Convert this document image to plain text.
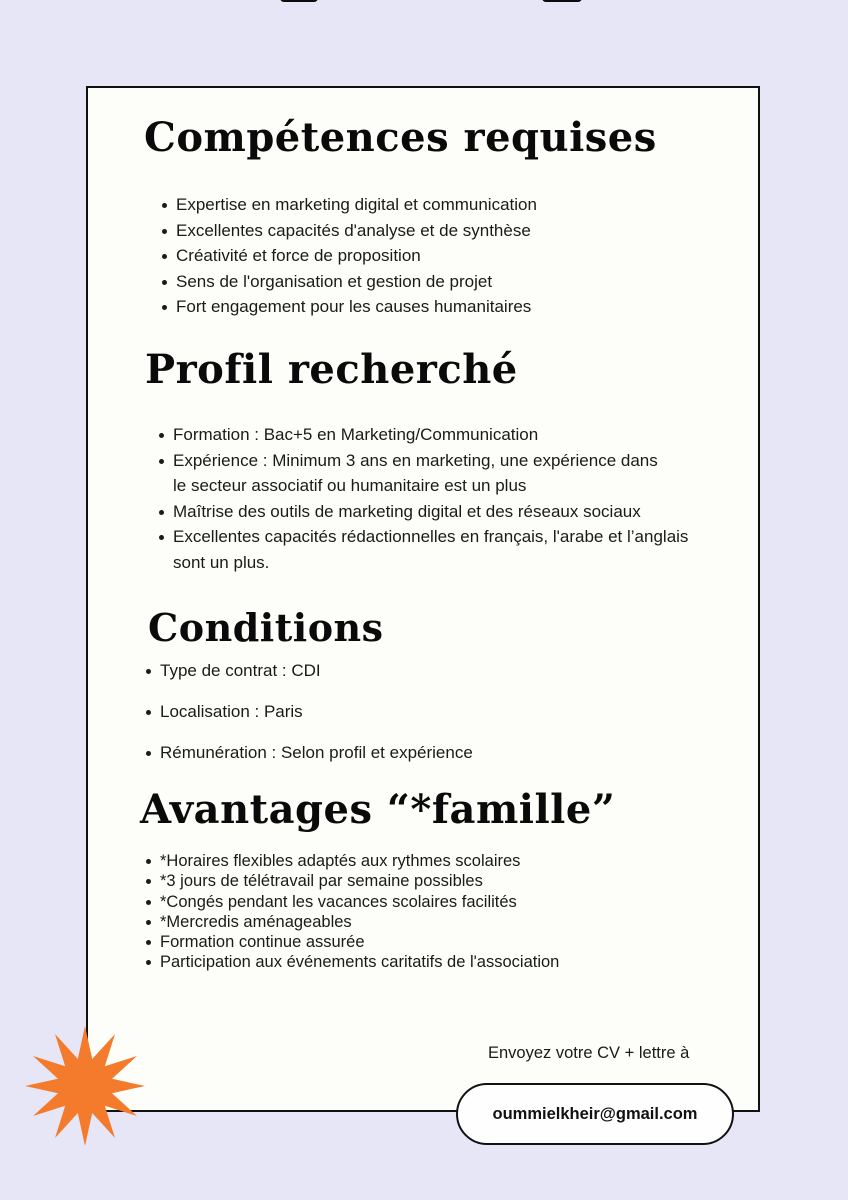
Compétences requises
Expertise en marketing digital et communication
Excellentes capacités d'analyse et de synthèse
Créativité et force de proposition
Sens de l'organisation et gestion de projet
Fort engagement pour les causes humanitaires
Profil recherché
Formation : Bac+5 en Marketing/Communication
Expérience : Minimum 3 ans en marketing, une expérience dans le secteur associatif ou humanitaire est un plus
Maîtrise des outils de marketing digital et des réseaux sociaux
Excellentes capacités rédactionnelles en français, l'arabe et l’anglais sont un plus.
Conditions
Type de contrat : CDI
Localisation : Paris
Rémunération : Selon profil et expérience
Avantages “*famille”
*Horaires flexibles adaptés aux rythmes scolaires
*3 jours de télétravail par semaine possibles
*Congés pendant les vacances scolaires facilités
*Mercredis aménageables
Formation continue assurée
Participation aux événements caritatifs de l'association
Envoyez votre CV + lettre à
oummielkheir@gmail.com
